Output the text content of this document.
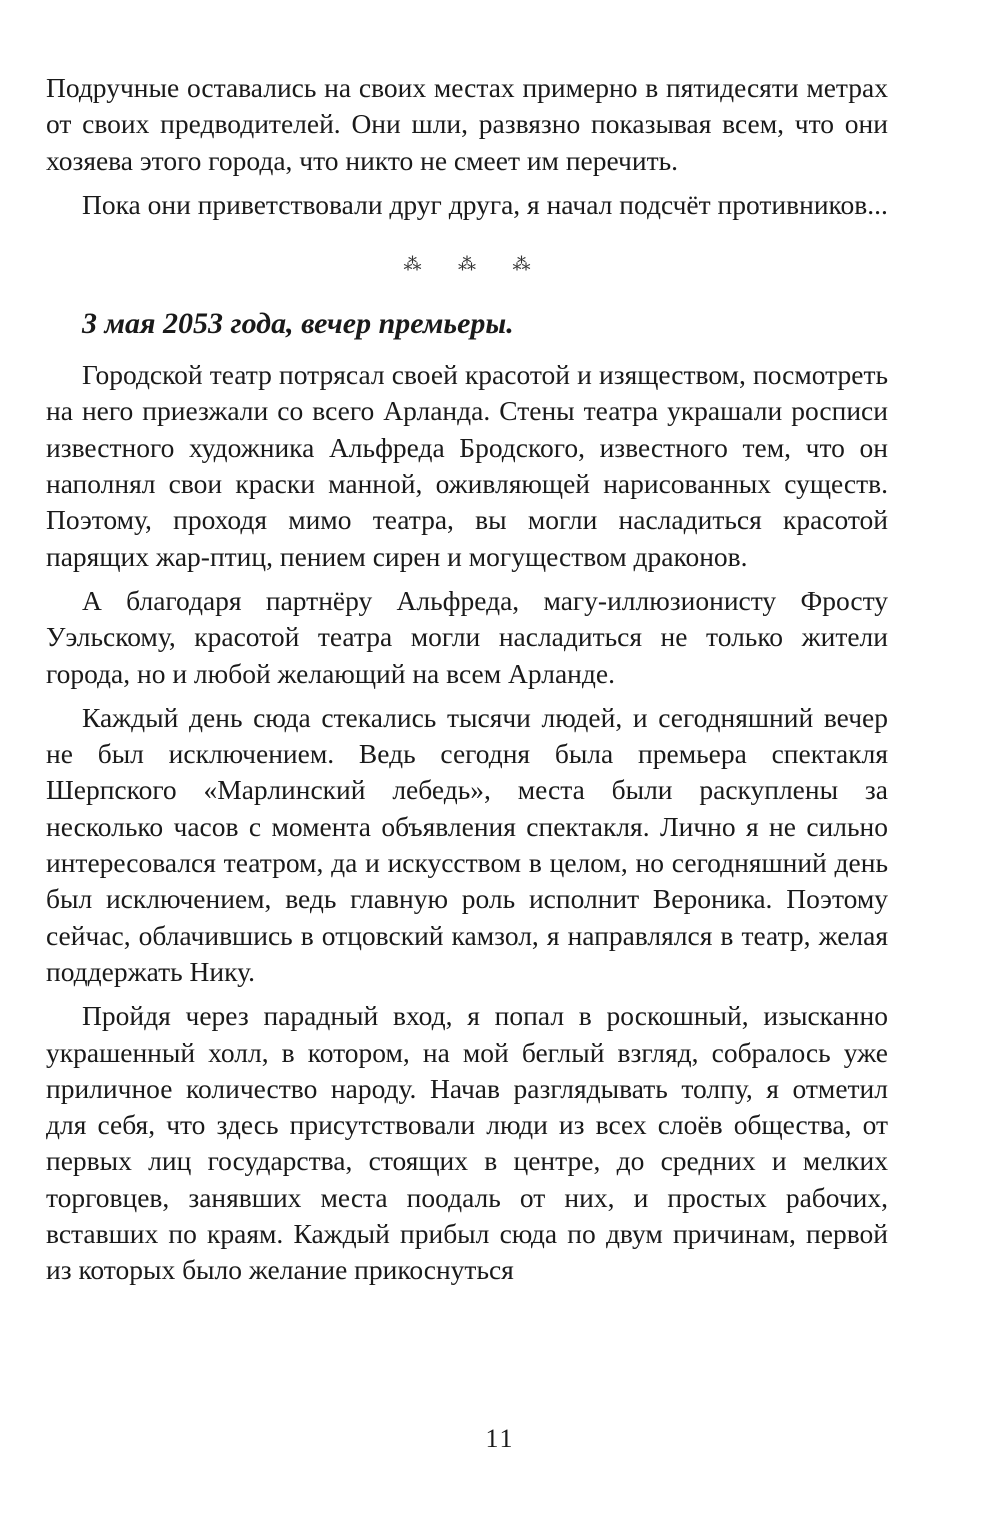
Подручные оставались на своих местах примерно в пятидесяти метрах от своих предводителей. Они шли, развязно показывая всем, что они хозяева этого города, что никто не смеет им перечить.

Пока они приветствовали друг друга, я начал подсчёт противников...

⁂ ⁂ ⁂
3 мая 2053 года, вечер премьеры.

Городской театр потрясал своей красотой и изяществом, посмотреть на него приезжали со всего Арланда. Стены театра украшали росписи известного художника Альфреда Бродского, известного тем, что он наполнял свои краски манной, оживляющей нарисованных существ. Поэтому, проходя мимо театра, вы могли насладиться красотой парящих жар-птиц, пением сирен и могуществом драконов.

А благодаря партнёру Альфреда, магу-иллюзионисту Фросту Уэльскому, красотой театра могли насладиться не только жители города, но и любой желающий на всем Арланде.

Каждый день сюда стекались тысячи людей, и сегодняшний вечер не был исключением. Ведь сегодня была премьера спектакля Шерпского «Марлинский лебедь», места были раскуплены за несколько часов с момента объявления спектакля. Лично я не сильно интересовался театром, да и искусством в целом, но сегодняшний день был исключением, ведь главную роль исполнит Вероника. Поэтому сейчас, облачившись в отцовский камзол, я направлялся в театр, желая поддержать Нику.

Пройдя через парадный вход, я попал в роскошный, изысканно украшенный холл, в котором, на мой беглый взгляд, собралось уже приличное количество народу. Начав разглядывать толпу, я отметил для себя, что здесь присутствовали люди из всех слоёв общества, от первых лиц государства, стоящих в центре, до средних и мелких торговцев, занявших места поодаль от них, и простых рабочих, вставших по краям. Каждый прибыл сюда по двум причинам, первой из которых было желание прикоснуться

11
